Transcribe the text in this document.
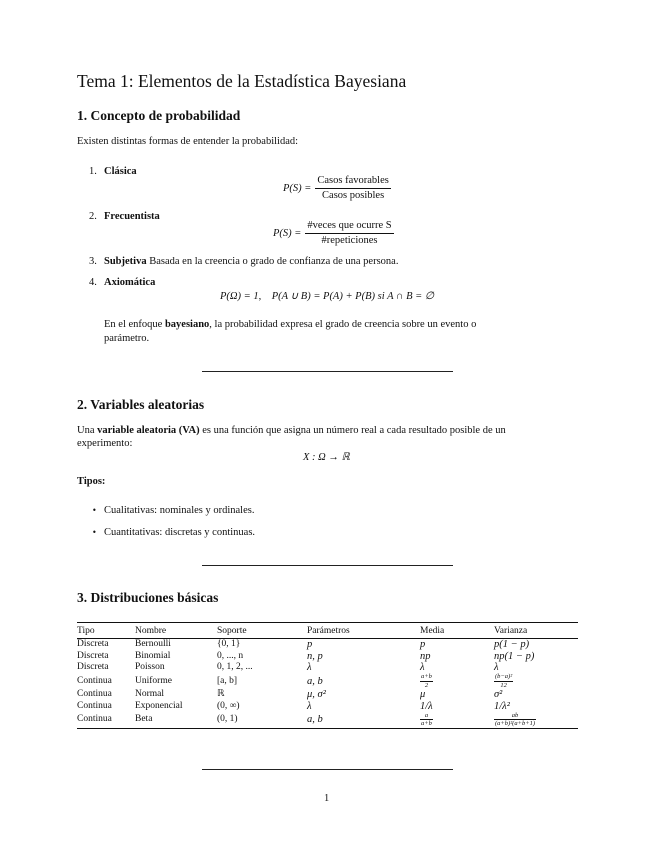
Tema 1: Elementos de la Estadística Bayesiana
1. Concepto de probabilidad
Existen distintas formas de entender la probabilidad:
1. Clásica
$P(S) = \frac{\text{Casos favorables}}{\text{Casos posibles}}$
2. Frecuentista
$P(S) = \frac{\text{\#veces que ocurre S}}{\text{\#repeticiones}}$
3. Subjetiva Basada en la creencia o grado de confianza de una persona.
4. Axiomática
P(Ω) = 1,    P(A ∪ B) = P(A) + P(B) si A ∩ B = ∅
En el enfoque bayesiano, la probabilidad expresa el grado de creencia sobre un evento o
parámetro.
2. Variables aleatorias
Una variable aleatoria (VA) es una función que asigna un número real a cada resultado posible de un
experimento:
X : Ω → ℝ
Tipos:
• Cualitativas: nominales y ordinales.
• Cuantitativas: discretas y continuas.
3. Distribuciones básicas
Tipo	Nombre	Soporte	Parámetros	Media	Varianza
Discreta	Bernoulli	{0, 1}	p	p	p(1 − p)
Discreta	Binomial	0, ..., n	n, p	np	np(1 − p)
Discreta	Poisson	0, 1, 2, ...	λ	λ	λ
Continua	Uniforme	[a, b]	a, b	$\frac{a+b}{2}$	$\frac{\text{(b−a)²}}{12}$

Continua	Normal	ℝ	μ, σ²	μ	σ²
Continua	Exponencial	(0, ∞)	λ	1/λ	1/λ²
Continua	Beta	(0, 1)	a, b	$\frac{a}{a+b}$	$\frac{ab}{\text{(a+b)²(a+b+1)}}$
1
